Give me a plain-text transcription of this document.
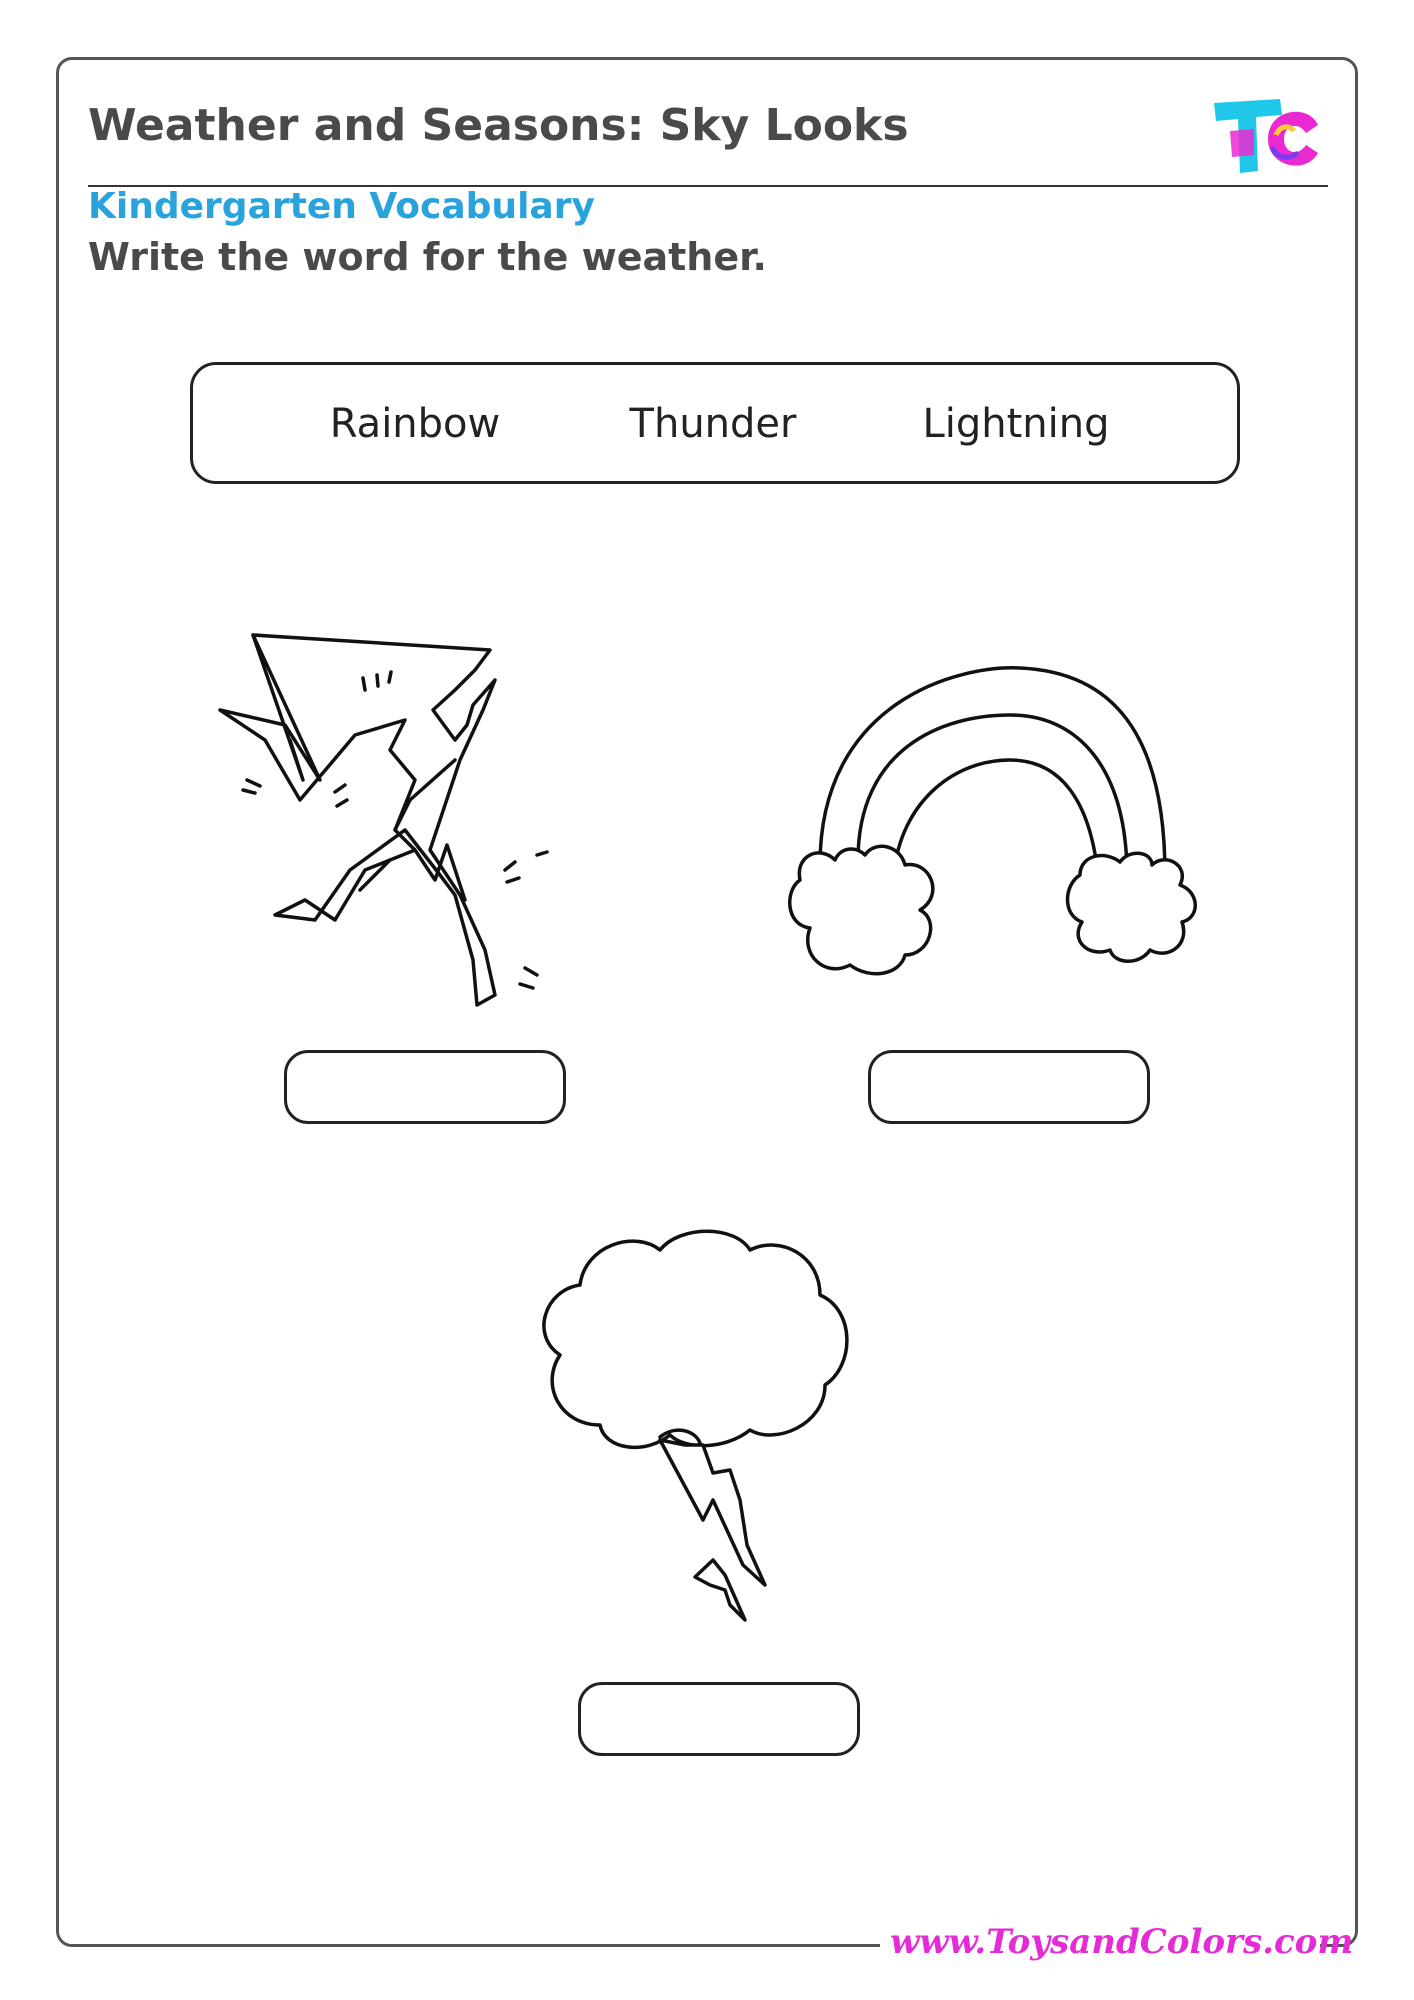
Weather and Seasons: Sky Looks
Kindergarten Vocabulary
Write the word for the weather.
Rainbow	Thunder	Lightning
www.ToysandColors.com
